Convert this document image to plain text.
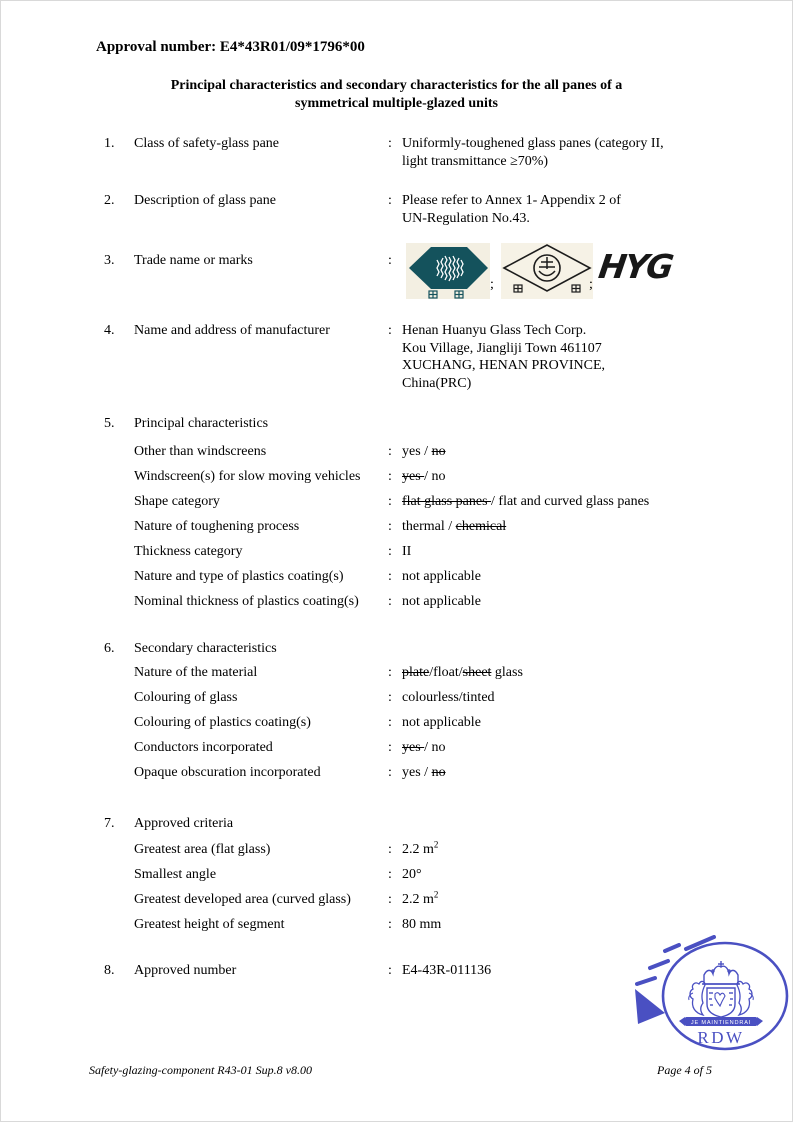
Approval number: E4*43R01/09*1796*00
Principal characteristics and secondary characteristics for the all panes of a
symmetrical multiple-glazed units
1.	Class of safety-glass pane	: Uniformly-toughened glass panes (category II,
light transmittance ≥70%)
2.	Description of glass pane	: Please refer to Annex 1- Appendix 2 of
UN-Regulation No.43.
3.	Trade name or marks	:
;	; HYG
4.	Name and address of manufacturer	: Henan Huanyu Glass Tech Corp.
Kou Village, Jiangliji Town 461107
XUCHANG, HENAN PROVINCE,
China(PRC)
5.	Principal characteristics
Other than windscreens	: yes / no
Windscreen(s) for slow moving vehicles	: yes / no
Shape category	: flat glass panes / flat and curved glass panes
Nature of toughening process	: thermal / chemical
Thickness category	: II
Nature and type of plastics coating(s)	: not applicable
Nominal thickness of plastics coating(s)	: not applicable
6.	Secondary characteristics
Nature of the material	: plate/float/sheet glass
Colouring of glass	: colourless/tinted
Colouring of plastics coating(s)	: not applicable
Conductors incorporated	: yes / no
Opaque obscuration incorporated	: yes / no
7.	Approved criteria
Greatest area (flat glass)	: 2.2 $m^2$
Smallest angle	: 20°
Greatest developed area (curved glass)	: 2.2 $m^2$
Greatest height of segment	: 80 mm
8.	Approved number	: E4-43R-011136
JE MAINTIENDRAI
RDW
Safety-glazing-component R43-01 Sup.8 v8.00	Page 4 of 5
